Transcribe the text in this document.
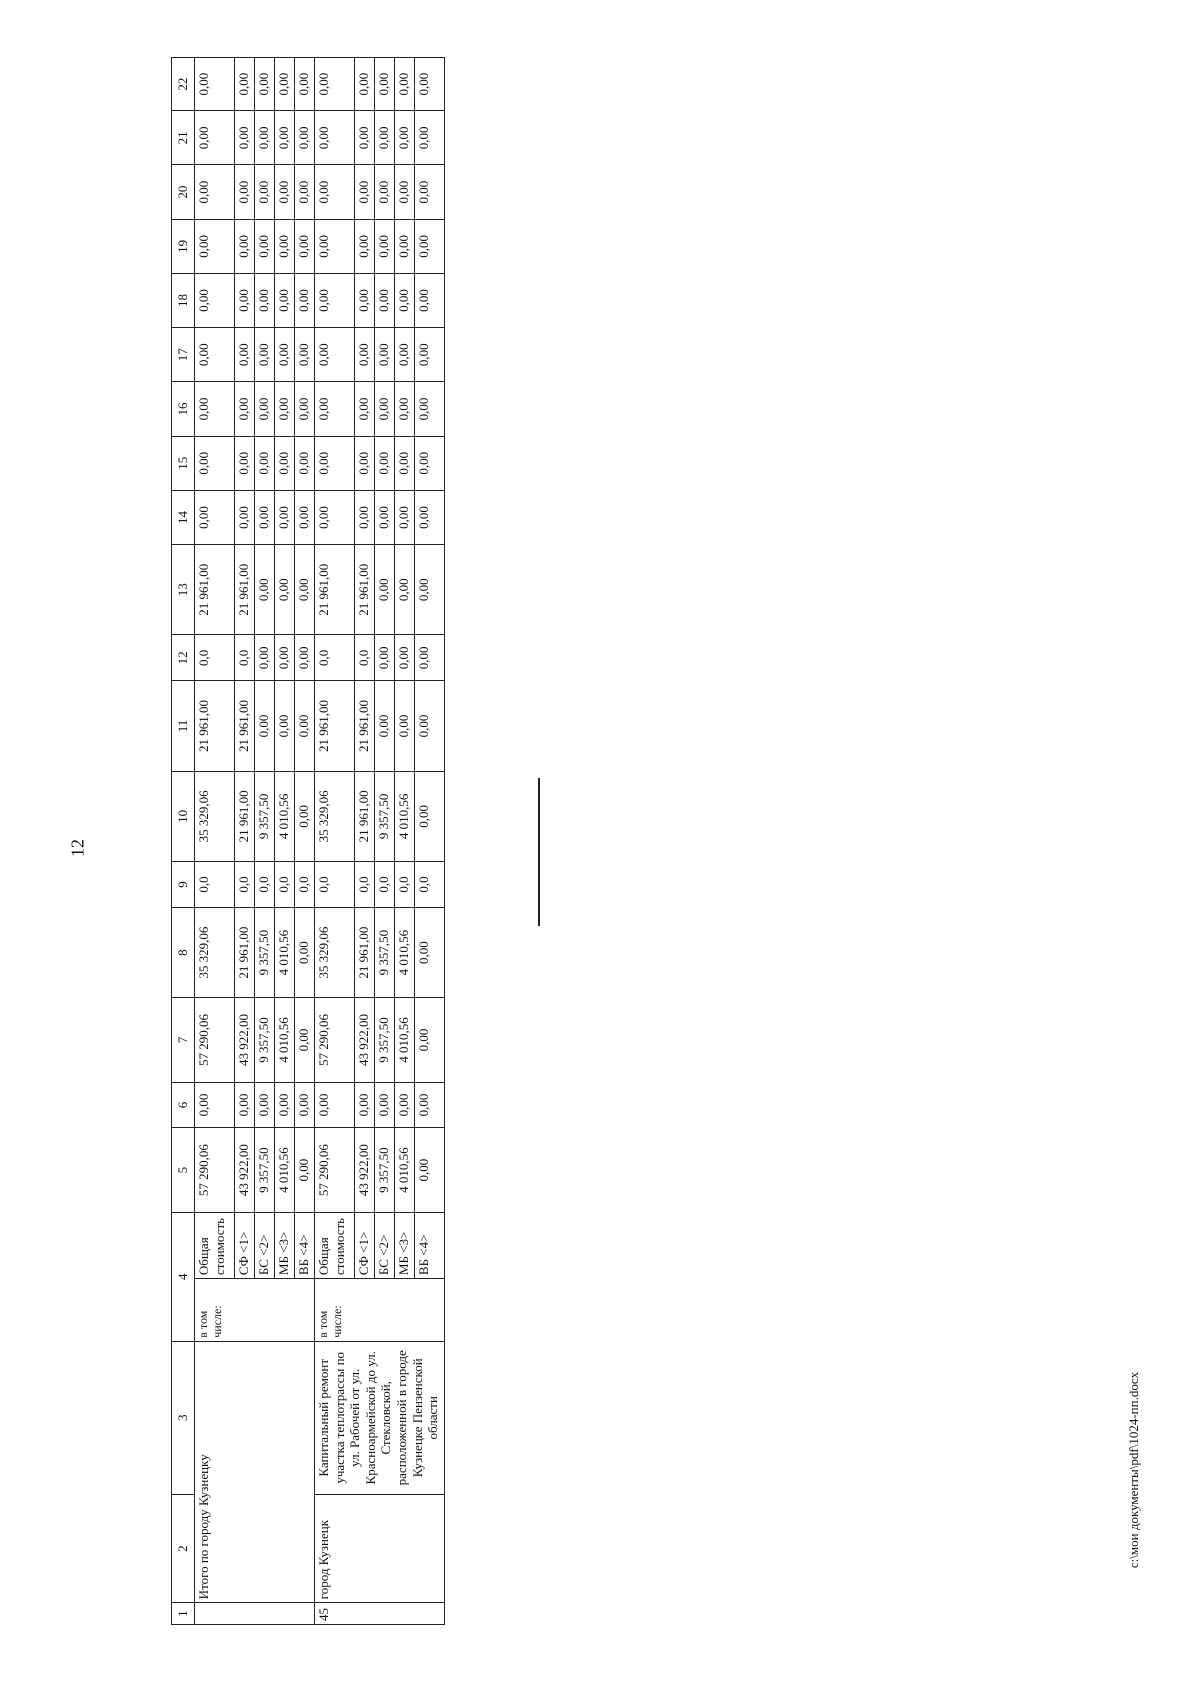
12
c:\мои документы\pdf\1024-пп.docx
1	2	3	4		5	6	7	8	9	10	11	12	13	14	15	16	17	18	19	20	21	22
	Итого по городу Кузнецку		в том числе:	Общая стоимость	57 290,06	0,00	57 290,06	35 329,06	0,0	35 329,06	21 961,00	0,0	21 961,00	0,00	0,00	0,00	0,00	0,00	0,00	0,00	0,00	0,00
				СФ <1>	43 922,00	0,00	43 922,00	21 961,00	0,0	21 961,00	21 961,00	0,0	21 961,00	0,00	0,00	0,00	0,00	0,00	0,00	0,00	0,00	0,00
				БС <2>	9 357,50	0,00	9 357,50	9 357,50	0,0	9 357,50	0,00	0,00	0,00	0,00	0,00	0,00	0,00	0,00	0,00	0,00	0,00	0,00
				МБ <3>	4 010,56	0,00	4 010,56	4 010,56	0,0	4 010,56	0,00	0,00	0,00	0,00	0,00	0,00	0,00	0,00	0,00	0,00	0,00	0,00
				ВБ <4>	0,00	0,00	0,00	0,00	0,0	0,00	0,00	0,00	0,00	0,00	0,00	0,00	0,00	0,00	0,00	0,00	0,00	0,00
45	город Кузнецк	Капитальный ремонт участка теплотрассы по ул. Рабочей от ул. Красноармейской до ул. Стекловской, расположенной в городе Кузнецке Пензенской области	в том числе:	Общая стоимость	57 290,06	0,00	57 290,06	35 329,06	0,0	35 329,06	21 961,00	0,0	21 961,00	0,00	0,00	0,00	0,00	0,00	0,00	0,00	0,00	0,00
				СФ <1>	43 922,00	0,00	43 922,00	21 961,00	0,0	21 961,00	21 961,00	0,0	21 961,00	0,00	0,00	0,00	0,00	0,00	0,00	0,00	0,00	0,00
				БС <2>	9 357,50	0,00	9 357,50	9 357,50	0,0	9 357,50	0,00	0,00	0,00	0,00	0,00	0,00	0,00	0,00	0,00	0,00	0,00	0,00
				МБ <3>	4 010,56	0,00	4 010,56	4 010,56	0,0	4 010,56	0,00	0,00	0,00	0,00	0,00	0,00	0,00	0,00	0,00	0,00	0,00	0,00
				ВБ <4>	0,00	0,00	0,00	0,00	0,0	0,00	0,00	0,00	0,00	0,00	0,00	0,00	0,00	0,00	0,00	0,00	0,00	0,00
